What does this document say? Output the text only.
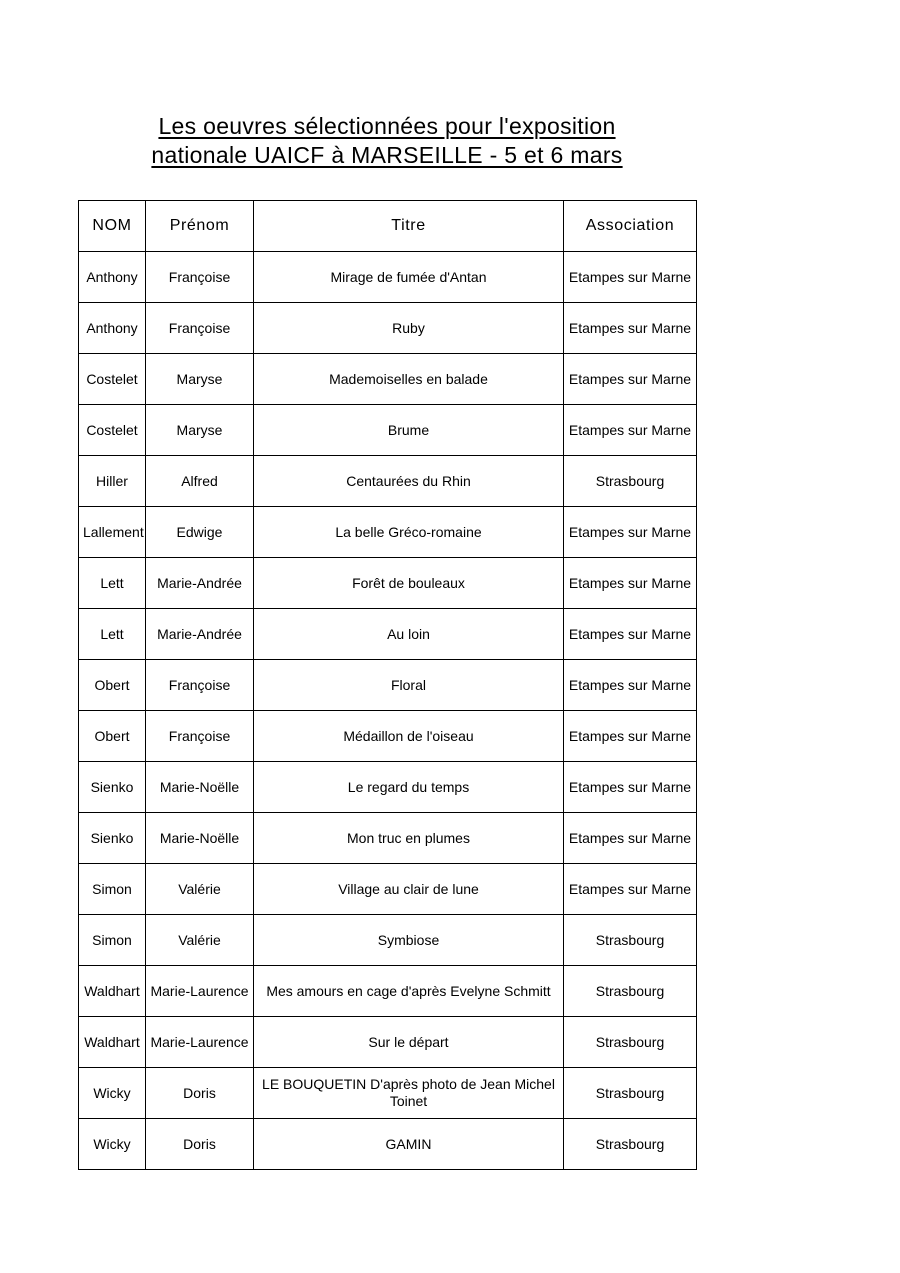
Les oeuvres sélectionnées pour l'exposition
nationale UAICF à MARSEILLE - 5 et 6 mars
NOM	Prénom	Titre	Association
Anthony	Françoise	Mirage de fumée d'Antan	Etampes sur Marne
Anthony	Françoise	Ruby	Etampes sur Marne
Costelet	Maryse	Mademoiselles en balade	Etampes sur Marne
Costelet	Maryse	Brume	Etampes sur Marne
Hiller	Alfred	Centaurées du Rhin	Strasbourg
Lallement	Edwige	La belle Gréco-romaine	Etampes sur Marne
Lett	Marie-Andrée	Forêt de bouleaux	Etampes sur Marne
Lett	Marie-Andrée	Au loin	Etampes sur Marne
Obert	Françoise	Floral	Etampes sur Marne
Obert	Françoise	Médaillon de l'oiseau	Etampes sur Marne
Sienko	Marie-Noëlle	Le regard du temps	Etampes sur Marne
Sienko	Marie-Noëlle	Mon truc en plumes	Etampes sur Marne
Simon	Valérie	Village au clair de lune	Etampes sur Marne
Simon	Valérie	Symbiose	Strasbourg
Waldhart	Marie-Laurence	Mes amours en cage d'après Evelyne Schmitt	Strasbourg
Waldhart	Marie-Laurence	Sur le départ	Strasbourg
Wicky	Doris	LE BOUQUETIN D'après photo de Jean Michel Toinet	Strasbourg
Wicky	Doris	GAMIN	Strasbourg
